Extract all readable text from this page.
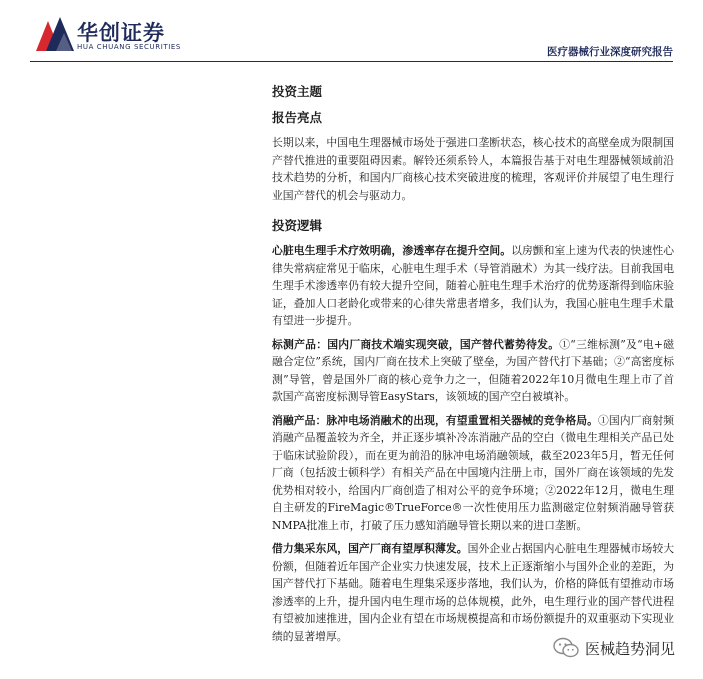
华创证券
HUA CHUANG SECURITIES	医疗器械行业深度研究报告
投资主题
报告亮点

长期以来，中国电生理器械市场处于强进口垄断状态，核心技术的高壁垒成为限制国产替代推进的重要阻碍因素。解铃还须系铃人，本篇报告基于对电生理器械领域前沿技术趋势的分析，和国内厂商核心技术突破进度的梳理，客观评价并展望了电生理行业国产替代的机会与驱动力。

投资逻辑

心脏电生理手术疗效明确，渗透率存在提升空间。以房颤和室上速为代表的快速性心律失常病症常见于临床，心脏电生理手术（导管消融术）为其一线疗法。目前我国电生理手术渗透率仍有较大提升空间，随着心脏电生理手术治疗的优势逐渐得到临床验证，叠加人口老龄化或带来的心律失常患者增多，我们认为，我国心脏电生理手术量有望进一步提升。

标测产品：国内厂商技术端实现突破，国产替代蓄势待发。①“三维标测”及“电+磁融合定位”系统，国内厂商在技术上突破了壁垒，为国产替代打下基础；②“高密度标测”导管，曾是国外厂商的核心竞争力之一，但随着2022年10月微电生理上市了首款国产高密度标测导管EasyStars，该领域的国产空白被填补。

消融产品：脉冲电场消融术的出现，有望重置相关器械的竞争格局。①国内厂商射频消融产品覆盖较为齐全，并正逐步填补冷冻消融产品的空白（微电生理相关产品已处于临床试验阶段），而在更为前沿的脉冲电场消融领域，截至2023年5月，暂无任何厂商（包括波士顿科学）有相关产品在中国境内注册上市，国外厂商在该领域的先发优势相对较小，给国内厂商创造了相对公平的竞争环境；②2022年12月，微电生理自主研发的FireMagic®TrueForce®一次性使用压力监测磁定位射频消融导管获NMPA批准上市，打破了压力感知消融导管长期以来的进口垄断。

借力集采东风，国产厂商有望厚积薄发。国外企业占据国内心脏电生理器械市场较大份额，但随着近年国产企业实力快速发展，技术上正逐渐缩小与国外企业的差距，为国产替代打下基础。随着电生理集采逐步落地，我们认为，价格的降低有望推动市场渗透率的上升，提升国内电生理市场的总体规模，此外，电生理行业的国产替代进程有望被加速推进，国内企业有望在市场规模提高和市场份额提升的双重驱动下实现业绩的显著增厚。

医械趋势洞见
